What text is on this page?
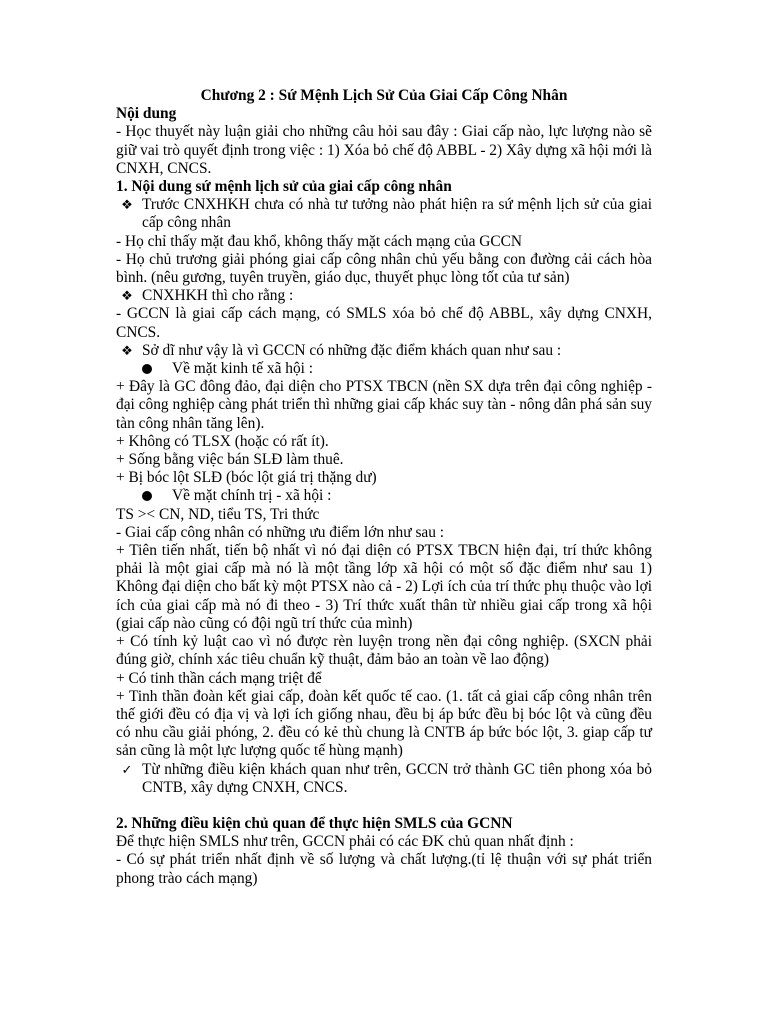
Chương 2 : Sứ Mệnh Lịch Sử Của Giai Cấp Công Nhân
Nội dung
- Học thuyết này luận giải cho những câu hỏi sau đây : Giai cấp nào, lực lượng nào sẽ giữ vai trò quyết định trong việc : 1) Xóa bỏ chế độ ABBL - 2) Xây dựng xã hội mới là CNXH, CNCS.
1. Nội dung sứ mệnh lịch sử của giai cấp công nhân
❖ Trước CNXHKH chưa có nhà tư tưởng nào phát hiện ra sứ mệnh lịch sử của giai cấp công nhân
- Họ chỉ thấy mặt đau khổ, không thấy mặt cách mạng của GCCN
- Họ chủ trương giải phóng giai cấp công nhân chủ yếu bằng con đường cải cách hòa bình. (nêu gương, tuyên truyền, giáo dục, thuyết phục lòng tốt của tư sản)
❖ CNXHKH thì cho rằng :
- GCCN là giai cấp cách mạng, có SMLS xóa bỏ chế độ ABBL, xây dựng CNXH, CNCS.
❖ Sở dĩ như vậy là vì GCCN có những đặc điểm khách quan như sau :
Về mặt kinh tế xã hội :
+ Đây là GC đông đảo, đại diện cho PTSX TBCN (nền SX dựa trên đại công nghiệp - đại công nghiệp càng phát triển thì những giai cấp khác suy tàn - nông dân phá sản suy tàn công nhân tăng lên).
+ Không có TLSX (hoặc có rất ít).
+ Sống bằng việc bán SLĐ làm thuê.
+ Bị bóc lột SLĐ (bóc lột giá trị thặng dư)
Về mặt chính trị - xã hội :
TS >< CN, ND, tiểu TS, Tri thức
- Giai cấp công nhân có những ưu điểm lớn như sau :
+ Tiên tiến nhất, tiến bộ nhất vì nó đại diện có PTSX TBCN hiện đại, trí thức không phải là một giai cấp mà nó là một tầng lớp xã hội có một số đặc điểm như sau 1) Không đại diện cho bất kỳ một PTSX nào cả - 2) Lợi ích của trí thức phụ thuộc vào lợi ích của giai cấp mà nó đi theo - 3) Trí thức xuất thân từ nhiều giai cấp trong xã hội (giai cấp nào cũng có đội ngũ trí thức của mình)
+ Có tính kỷ luật cao vì nó được rèn luyện trong nền đại công nghiệp. (SXCN phải đúng giờ, chính xác tiêu chuẩn kỹ thuật, đảm bảo an toàn về lao động)
+ Có tinh thần cách mạng triệt để
+ Tinh thần đoàn kết giai cấp, đoàn kết quốc tế cao. (1. tất cả giai cấp công nhân trên thế giới đều có địa vị và lợi ích giống nhau, đều bị áp bức đều bị bóc lột và cũng đều có nhu cầu giải phóng, 2. đều có kẻ thù chung là CNTB áp bức bóc lột, 3. giap cấp tư sản cũng là một lực lượng quốc tế hùng mạnh)
✓ Từ những điều kiện khách quan như trên, GCCN trở thành GC tiên phong xóa bỏ CNTB, xây dựng CNXH, CNCS.
2. Những điều kiện chủ quan để thực hiện SMLS của GCNN
Để thực hiện SMLS như trên, GCCN phải có các ĐK chủ quan nhất định :
- Có sự phát triển nhất định về số lượng và chất lượng.(tỉ lệ thuận với sự phát triển phong trào cách mạng)
